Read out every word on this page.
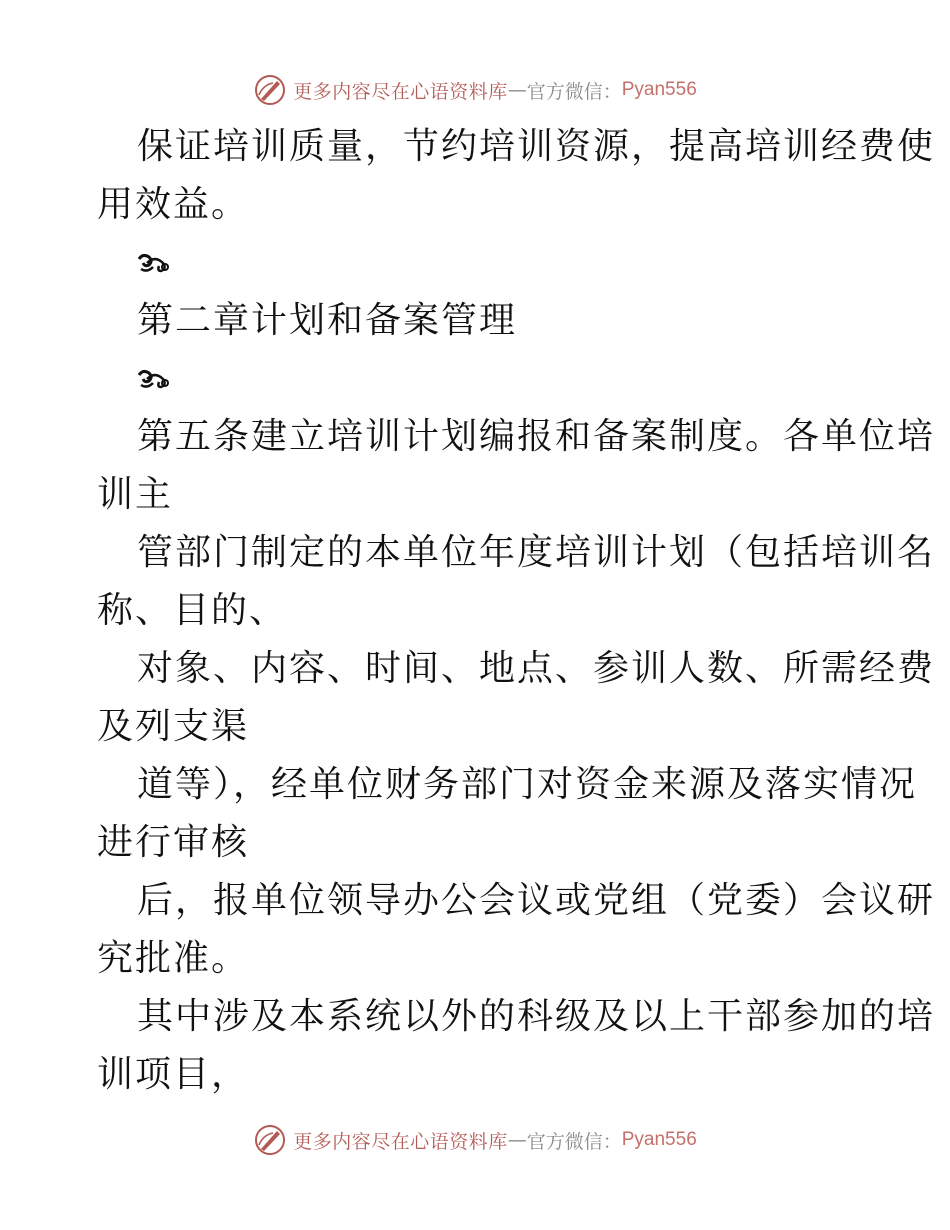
更多内容尽在心语资料库 — 官方微信： Pyan556
保证培训质量，节约培训资源，提高培训经费使
用效益。
第二章计划和备案管理
第五条建立培训计划编报和备案制度。各单位培
训主
管部门制定的本单位年度培训计划（包括培训名
称、目的、
对象、内容、时间、地点、参训人数、所需经费
及列支渠
道等），经单位财务部门对资金来源及落实情况
进行审核
后，报单位领导办公会议或党组（党委）会议研
究批准。
其中涉及本系统以外的科级及以上干部参加的培
训项目，
更多内容尽在心语资料库 — 官方微信： Pyan556
